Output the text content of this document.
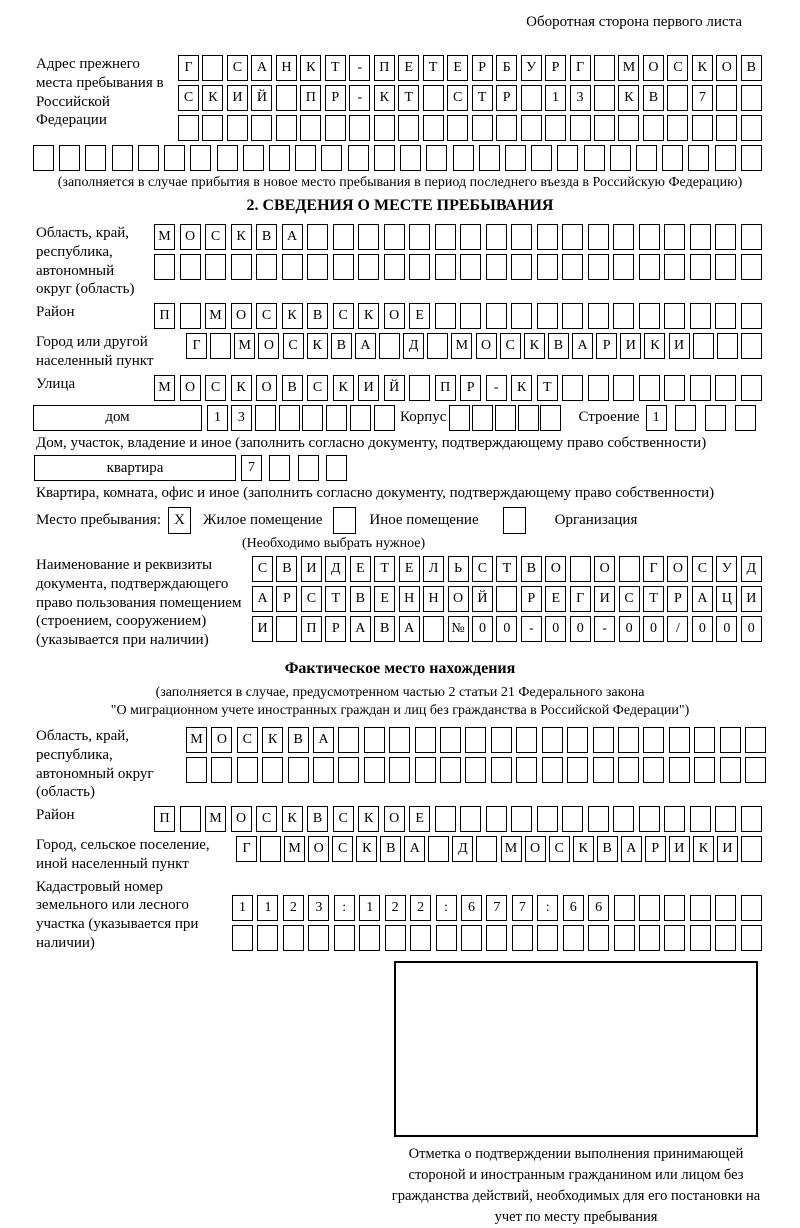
Оборотная сторона первого листа
Адрес прежнего места пребывания в Российской Федерации
Г	С	А	Н	К	Т	-	П	Е	Т	Е	Р	Б	У	Р	Г	М О	С	К	О	В
С	К	И	Й	П	Р	-	К	Т	С	Т	Р	1	3	К	В	7
(заполняется в случае прибытия в новое место пребывания в период последнего въезда в Российскую Федерацию)
2. СВЕДЕНИЯ О МЕСТЕ ПРЕБЫВАНИЯ
Область, край, республика, автономный округ (область)
М	О	С	К	В	А
Район	П	М	О	С	К	В	С	К	О	Е
Город или другой населенный пункт
Г	М О	С	К	В	А	Д	М О	С	К	В	А	Р	И	К	И
Улица	М	О	С	К	О	В	С	К	И	Й	П	Р	-	К	Т
дом	1	3	Корпус	Строение 1
Дом, участок, владение и иное (заполнить согласно документу, подтверждающему право собственности)
квартира	7
Квартира, комната, офис и иное (заполнить согласно документу, подтверждающему право собственности)
Место пребывания: X	Жилое помещение	Иное помещение	Организация
(Необходимо выбрать нужное)
Наименование и реквизиты документа, подтверждающего право пользования помещением (строением, сооружением) (указывается при наличии)
С	В	И	Д	Е	Т	Е	Л	Ь	С	Т	В	О	О	Г	О	С	У	Д
А	Р	С	Т	В	Е	Н	Н	О	Й	Р	Е	Г	И	С	Т	Р	А	Ц	И
И	П	Р	А	В	А	№	0	0	-	0	0	-	0	0	/	0	0	0
Фактическое место нахождения
(заполняется в случае, предусмотренном частью 2 статьи 21 Федерального закона
"О миграционном учете иностранных граждан и лиц без гражданства в Российской Федерации")
Область, край, республика, автономный округ (область)
М	О	С	К	В	А
Район	П	М	О	С	К	В	С	К	О	Е
Город, сельское поселение, иной населенный пункт
Г	М О	С	К	В	А	Д	М О	С	К	В	А	Р	И	К	И
Кадастровый номер земельного или лесного участка (указывается при наличии)
1	1	2	3	:	1	2	2	:	6	7	7	:	6	6
Отметка о подтверждении выполнения принимающей стороной и иностранным гражданином или лицом без гражданства действий, необходимых для его постановки на учет по месту пребывания
